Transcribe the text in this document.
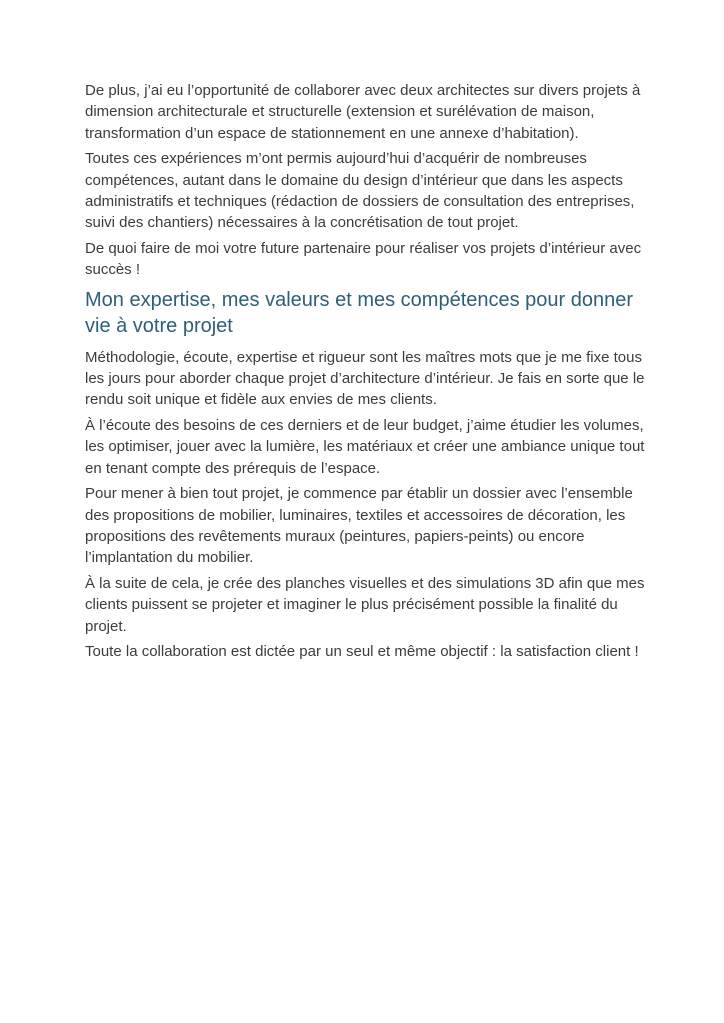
De plus, j’ai eu l’opportunité de collaborer avec deux architectes sur divers projets à dimension architecturale et structurelle (extension et surélévation de maison, transformation d’un espace de stationnement en une annexe d’habitation).

Toutes ces expériences m’ont permis aujourd’hui d’acquérir de nombreuses compétences, autant dans le domaine du design d’intérieur que dans les aspects administratifs et techniques (rédaction de dossiers de consultation des entreprises, suivi des chantiers) nécessaires à la concrétisation de tout projet.

De quoi faire de moi votre future partenaire pour réaliser vos projets d’intérieur avec succès !

Mon expertise, mes valeurs et mes compétences pour donner vie à votre projet

Méthodologie, écoute, expertise et rigueur sont les maîtres mots que je me fixe tous les jours pour aborder chaque projet d’architecture d’intérieur. Je fais en sorte que le rendu soit unique et fidèle aux envies de mes clients.

À l’écoute des besoins de ces derniers et de leur budget, j’aime étudier les volumes, les optimiser, jouer avec la lumière, les matériaux et créer une ambiance unique tout en tenant compte des prérequis de l’espace.

Pour mener à bien tout projet, je commence par établir un dossier avec l’ensemble des propositions de mobilier, luminaires, textiles et accessoires de décoration, les propositions des revêtements muraux (peintures, papiers-peints) ou encore l’implantation du mobilier.

À la suite de cela, je crée des planches visuelles et des simulations 3D afin que mes clients puissent se projeter et imaginer le plus précisément possible la finalité du projet.

Toute la collaboration est dictée par un seul et même objectif : la satisfaction client !
